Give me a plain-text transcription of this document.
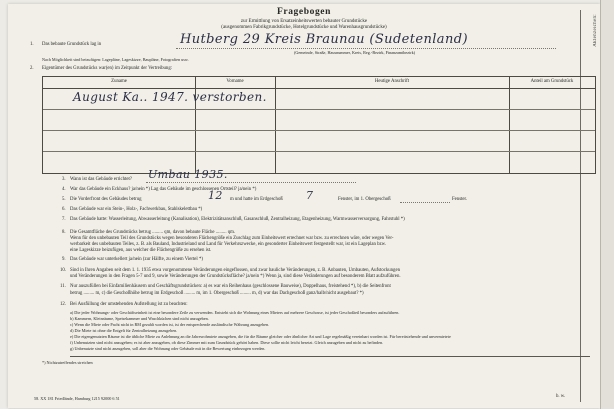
Aktenzeichen:
Fragebogen
zur Ermittlung von Ersatzeinheitswerten bebauter Grundstücke
(ausgenommen Fabrikgrundstücke, Hotelgrundstücke und Warenhausgrundstücke)
1. Das bebaute Grundstück lag in	Hutberg 29 Kreis Braunau (Sudetenland)
(Gemeinde, Straße, Hausnummer, Kreis, Reg.-Bezirk, Finanzamtbezirk)
Nach Möglichkeit sind beizufügen: Lagepläne, Lageskizze, Baupläne, Fotografien usw.
2. Eigentümer des Grundstücks war(en) im Zeitpunkt der Vertreibung:
Zuname	Vorname	Heutige Anschrift	Anteil am Grundstück
August Ka.. 1947. verstorben.
3. Wann ist das Gebäude errichtet? Umbau 1935.
4. War das Gebäude ein Eckhaus? ja/nein *) Lag das Gebäude im geschlossenen Ortsteil? ja/nein *)
5. Die Vorderfront des Gebäudes betrug	12 m und hatte im Erdgeschoß 7	Fenster, im 1. Obergeschoß	Fenster.
6. Das Gebäude war ein Stein-, Holz-, Fachwerkbau, Stahlskelettbau *)
7. Das Gebäude hatte: Wasserleitung, Abwasserleitung (Kanalisation), Elektrizitätsanschluß, Gasanschluß, Zentralheizung, Etagenheizung, Warmwasserversorgung, Fahrstuhl *)
8. Die Gesamtfläche des Grundstücks betrug ......... qm, davon bebaute Fläche ......... qm.
Wenn für den unbebauten Teil des Grundstücks wegen besonderen Flächengröße ein Zuschlag zum Einheitswert errechnet war bzw. zu errechnen wäre, oder wegen Ver-
werbarkeit des unbebauten Teiles, z. B. als Bauland, Industrieland und Land für Verkehrszwecke, ein gesonderter Einheitswert festgestellt war, ist ein Lageplan bzw.
eine Lageskizze beizufügen, aus welcher die Flächengröße zu ersehen ist.
9. Das Gebäude war unterkellert ja/nein (zur Hälfte, zu einem Viertel *)
10. Sind in Ihren Angaben seit dem 1. 1. 1935 etwa vorgenommene Veränderungen eingeflossen, und zwar bauliche Veränderungen, z. B. Anbauten, Umbauten, Aufstockungen
und Veränderungen in den Fragen 5-7 und 9, sowie Veränderungen der Grundstücksfläche? ja/nein *) Wenn ja, sind diese Veränderungen auf besonderem Blatt aufzuführen.
11. Nur auszufüllen bei Einfamilienhäusern und Geschäftsgrundstücken: a) es war ein Reihenhaus (geschlossene Bauweise), Doppelhaus, freistehend *), b) die Seitenfront
betrug ......... m, c) die Geschoßhöhe betrug im Erdgeschoß ......... m, im 1. Obergeschoß ......... m, d) war das Dachgeschoß ganz/halb/nicht ausgebaut? *)
12. Bei Ausfüllung der umstehenden Aufstellung ist zu beachten:
a) Die jeder Wohnungs- oder Geschäftseinheit ist eine besondere Zeile zu verwenden. Entsteht sich die Wohnung eines Mieters auf mehrere Geschosse, ist jeder Geschoßteil besonders aufzuführen.
b) Kammern, Kleinräume, Speisekammer und Waschküchen sind nicht anzugeben.
c) Wenn die Miete oder Pacht nicht in RM gezahlt worden ist, ist der entsprechende ausländische Währung anzugeben.
d) Die Miete ist ohne die Entgelt für Zentralheizung anzugeben.
e) Die eigengenutzten Räume ist die übliche Miete zu Anlehnung an die Jahresrohmiete anzugeben, die für die Räume gleicher oder ähnlicher Art und Lage regelmäßig vereinbart worden ist. Für bereitstehende und unvermietete
f) Unbenutzten sind nicht anzugeben; es ist aber anzugeben, ob diese Zimmer mit zum Grundstück gehört haben. Diese sollte nicht leicht besetzt. Gleich anzugeben und nicht zu befinden.
g) Unbenutzte sind nicht anzugeben, soll aber die Wohnung oder Gebäude mit in die Bewertung einbezogen werden.
*) Nichtzutreffendes streichen
58. XX 181 Friedlände, Hamburg 1215 92000 6 51	b. w.
